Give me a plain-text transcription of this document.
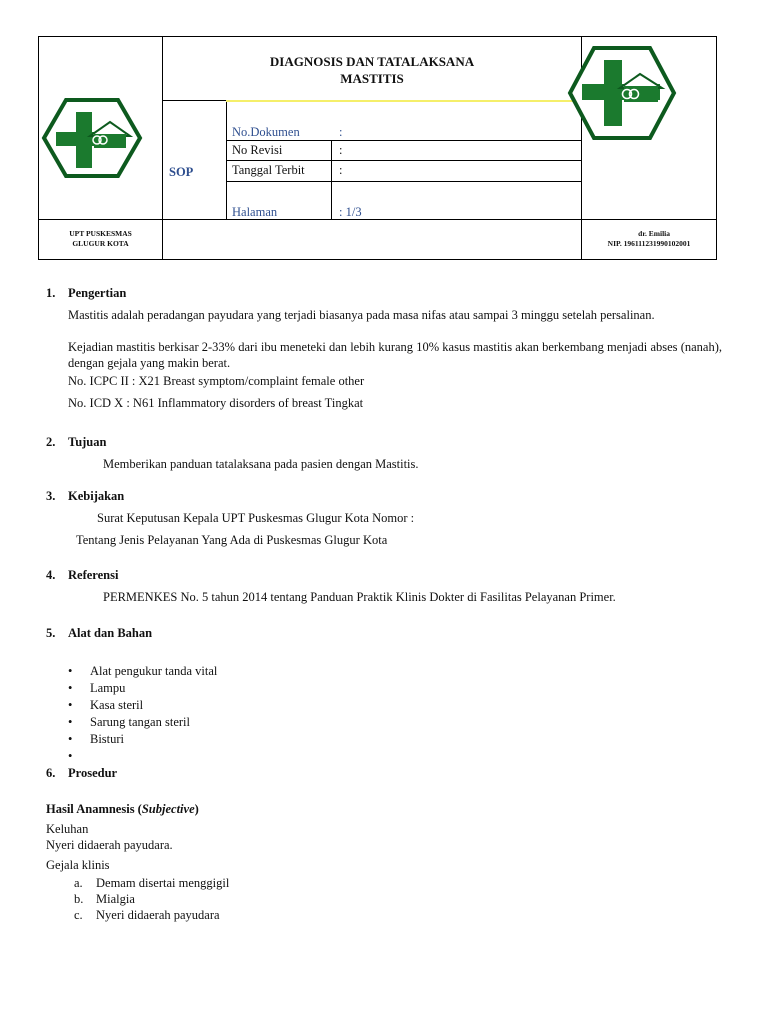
DIAGNOSIS DAN TATALAKSANA
MASTITIS
SOP
No.Dokumen	:
No Revisi	:
Tanggal Terbit	:
Halaman	: 1/3
UPT PUSKESMAS
GLUGUR KOTA
dr. Emilia
NIP. 196111231990102001
1. Pengertian
Mastitis adalah peradangan payudara yang terjadi biasanya pada masa nifas atau sampai 3 minggu setelah persalinan.
Kejadian mastitis berkisar 2-33% dari ibu meneteki dan lebih kurang 10% kasus mastitis akan berkembang menjadi abses (nanah), dengan gejala yang makin berat.
No. ICPC II : X21 Breast symptom/complaint female other
No. ICD X : N61 Inflammatory disorders of breast Tingkat
2. Tujuan
Memberikan panduan tatalaksana pada pasien dengan Mastitis.
3. Kebijakan
Surat Keputusan Kepala UPT Puskesmas Glugur Kota Nomor :
Tentang Jenis Pelayanan Yang Ada di Puskesmas Glugur Kota
4. Referensi
PERMENKES No. 5 tahun 2014 tentang Panduan Praktik Klinis Dokter di Fasilitas Pelayanan Primer.
5. Alat dan Bahan
• Alat pengukur tanda vital
• Lampu
• Kasa steril
• Sarung tangan steril
• Bisturi
•
6. Prosedur
Hasil Anamnesis (Subjective)
Keluhan
Nyeri didaerah payudara.
Gejala klinis
a. Demam disertai menggigil
b. Mialgia
c. Nyeri didaerah payudara
